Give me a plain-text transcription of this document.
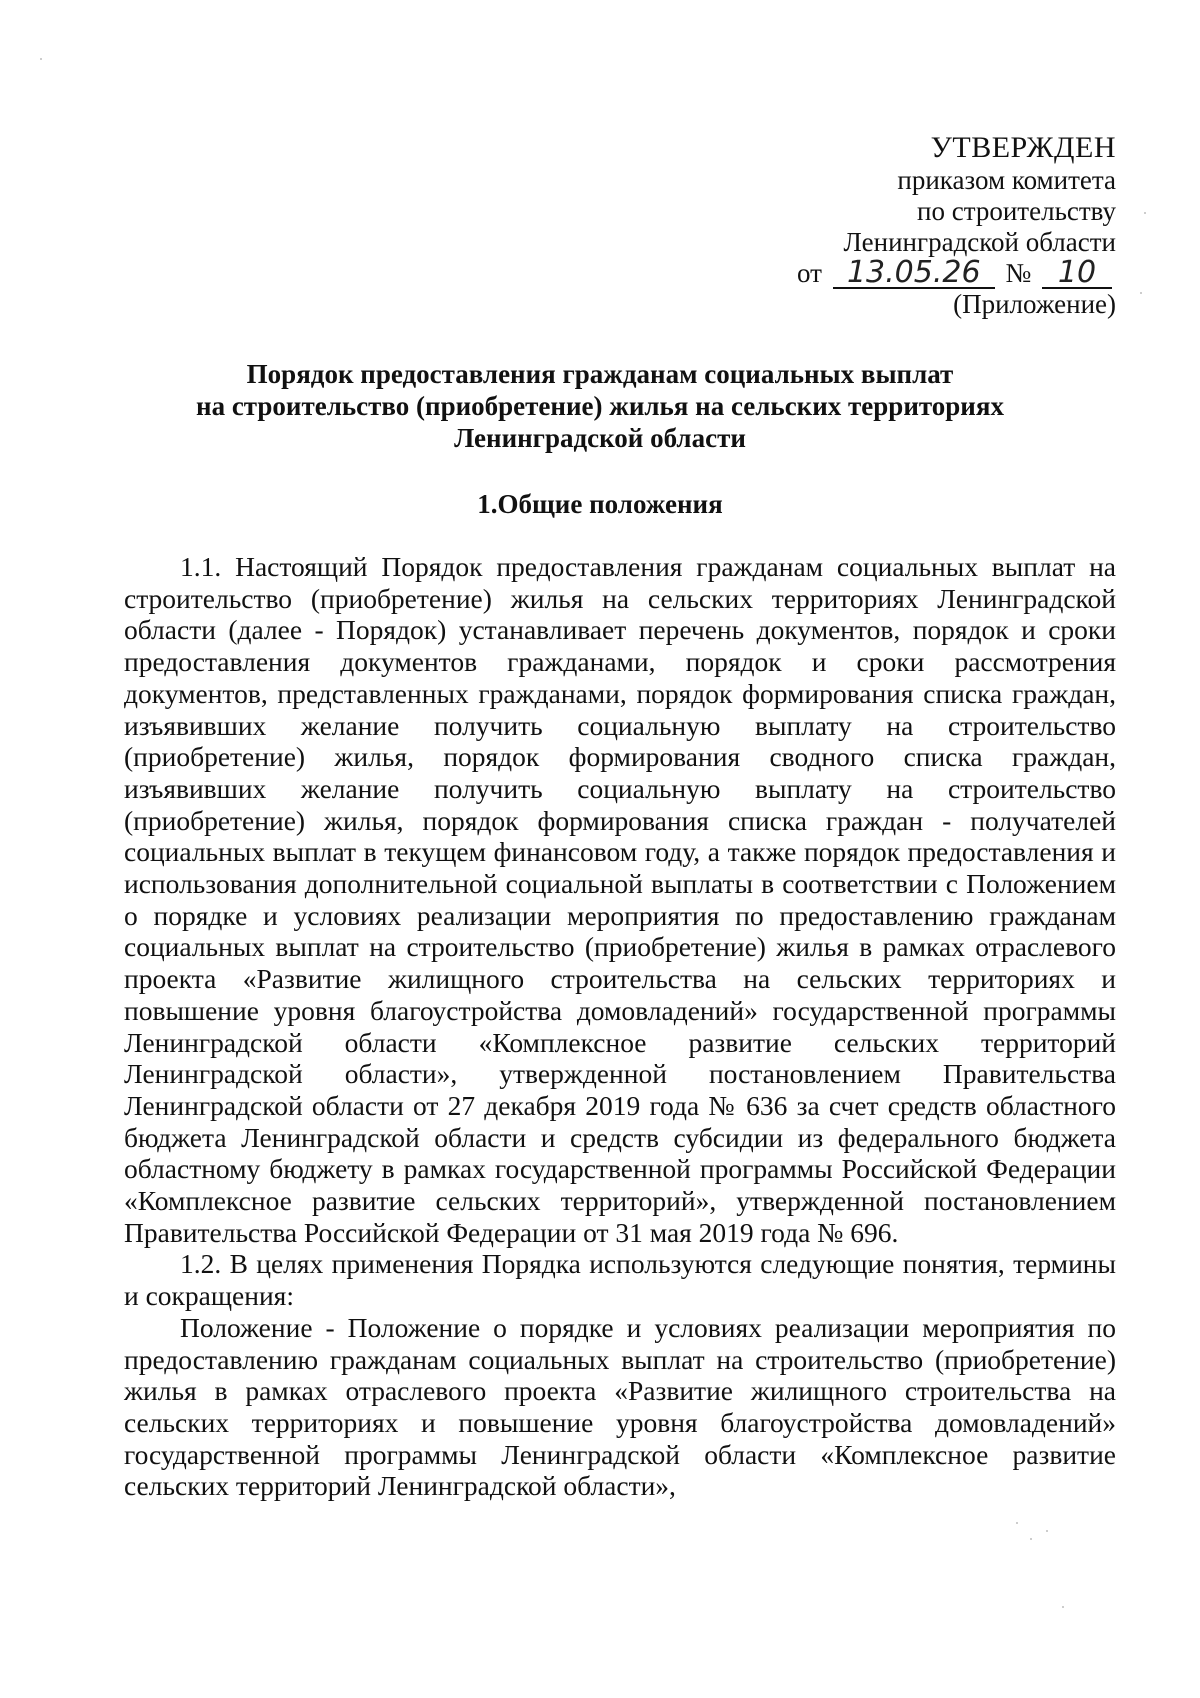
УТВЕРЖДЕН
приказом комитета
по строительству
Ленинградской области
от 13.05.26 № 10
(Приложение)
Порядок предоставления гражданам социальных выплат
на строительство (приобретение) жилья на сельских территориях
Ленинградской области
1.Общие положения

1.1. Настоящий Порядок предоставления гражданам социальных выплат на строительство (приобретение) жилья на сельских территориях Ленинградской области (далее - Порядок) устанавливает перечень документов, порядок и сроки предоставления документов гражданами, порядок и сроки рассмотрения документов, представленных гражданами, порядок формирования списка граждан, изъявивших желание получить социальную выплату на строительство (приобретение) жилья, порядок формирования сводного списка граждан, изъявивших желание получить социальную выплату на строительство (приобретение) жилья, порядок формирования списка граждан - получателей социальных выплат в текущем финансовом году, а также порядок предоставления и использования дополнительной социальной выплаты в соответствии с Положением о порядке и условиях реализации мероприятия по предоставлению гражданам социальных выплат на строительство (приобретение) жилья в рамках отраслевого проекта «Развитие жилищного строительства на сельских территориях и повышение уровня благоустройства домовладений» государственной программы Ленинградской области «Комплексное развитие сельских территорий Ленинградской области», утвержденной постановлением Правительства Ленинградской области от 27 декабря 2019 года № 636 за счет средств областного бюджета Ленинградской области и средств субсидии из федерального бюджета областному бюджету в рамках государственной программы Российской Федерации «Комплексное развитие сельских территорий», утвержденной постановлением Правительства Российской Федерации от 31 мая 2019 года № 696.

1.2. В целях применения Порядка используются следующие понятия, термины и сокращения:

Положение - Положение о порядке и условиях реализации мероприятия по предоставлению гражданам социальных выплат на строительство (приобретение) жилья в рамках отраслевого проекта «Развитие жилищного строительства на сельских территориях и повышение уровня благоустройства домовладений» государственной программы Ленинградской области «Комплексное развитие сельских территорий Ленинградской области»,
